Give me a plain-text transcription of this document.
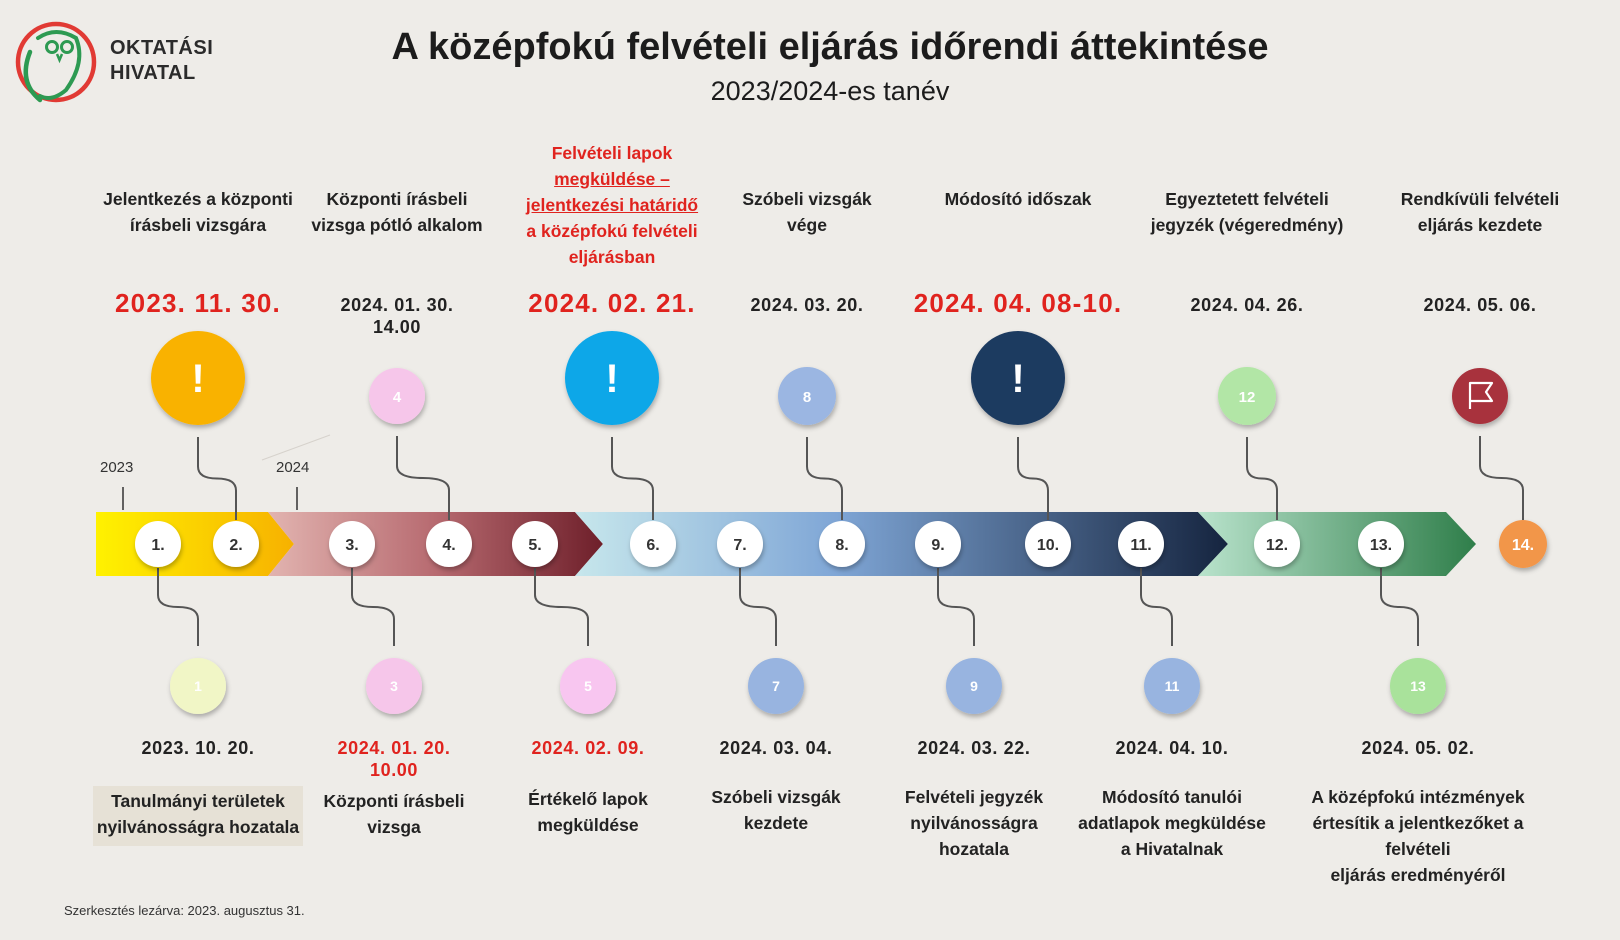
1.	2.	3.	4.	5.	6.	7.	8.	9.	10.	11.	12.	13.	14.
!	4	!	8	!	12
1	3	5	7	9	11	13
OKTATÁSI
HIVATAL
A középfokú felvételi eljárás időrendi áttekintése
2023/2024-es tanév
2023	2024
Jelentkezés a központi
írásbeli vizsgára
2023. 11. 30.
Központi írásbeli
vizsga pótló alkalom
2024. 01. 30.
14.00
Felvételi lapok
megküldése –
jelentkezési határidő
a középfokú felvételi
eljárásban
2024. 02. 21.
Szóbeli vizsgák
vége
2024. 03. 20.
Módosító időszak
2024. 04. 08-10.
Egyeztetett felvételi
jegyzék (végeredmény)
2024. 04. 26.
Rendkívüli felvételi
eljárás kezdete
2024. 05. 06.
2023. 10. 20.
Tanulmányi területek
nyilvánosságra hozatala
2024. 01. 20.
10.00
Központi írásbeli
vizsga
2024. 02. 09.
Értékelő lapok
megküldése
2024. 03. 04.
Szóbeli vizsgák
kezdete
2024. 03. 22.
Felvételi jegyzék
nyilvánosságra
hozatala
2024. 04. 10.
Módosító tanulói
adatlapok megküldése
a Hivatalnak
2024. 05. 02.
A középfokú intézmények
értesítik a jelentkezőket a
felvételi
eljárás eredményéről
Szerkesztés lezárva: 2023. augusztus 31.
